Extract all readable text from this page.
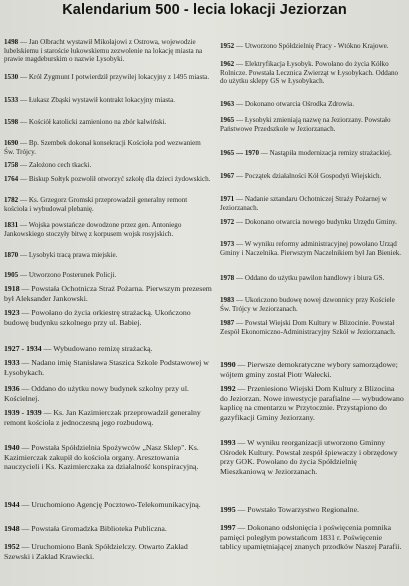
Kalendarium 500 - lecia lokacji Jeziorzan
1498 — Jan Olbracht wystawił Mikołajowi z Ostrowa, wojewodzie lubelskiemu i staroście łukowskiemu zezwolenie na lokację miasta na prawie magdeburskim o nazwie Lysobyki.
1530 — Król Zygmunt I potwierdził przywilej lokacyjny z 1495 miasta.
1533 — Łukasz Zbąski wystawił kontrakt lokacyjny miasta.
1598 — Kościół katolicki zamieniono na zbór kalwiński.
1690 — Bp. Szembek dokonał konsekracji Kościoła pod wezwaniem Św. Trójcy.
1758 — Założono cech tkacki.
1764 — Biskup Sołtyk pozwolił otworzyć szkołę dla dzieci żydowskich.
1782 — Ks. Grzegorz Gromski przeprowadził generalny remont kościoła i wybudował plebanię.
1831 — Wojska powstańcze dowodzone przez gen. Antoniego Jankowskiego stoczyły bitwę z korpusem wojsk rosyjskich.
1870 — Lysobyki tracą prawa miejskie.
1905 — Utworzono Posterunek Policji.
1918 — Powstała Ochotnicza Straż Pożarna. Pierwszym prezesem był Aleksander Jankowski.
1923 — Powołano do życia orkiestrę strażacką. Ukończono budowę budynku szkolnego przy ul. Babiej.
1927 - 1934 — Wybudowano remizę strażacką.
1933 — Nadano imię Stanisława Staszica Szkole Podstawowej w Łysobykach.
1936 — Oddano do użytku nowy budynek szkolny przy ul. Kościelnej.
1939 - 1939 — Ks. Jan Kazimierczak przeprowadził generalny remont kościoła z jednoczesną jego rozbudową.
1940 — Powstała Spółdzielnia Spożywców „Nasz Sklep". Ks. Kazimierczak zakupił do kościoła organy. Aresztowania nauczycieli i Ks. Kazimierczaka za działalność konspiracyjną.
1944 — Uruchomiono Agencję Pocztowo-Telekomunikacyjną.
1948 — Powstała Gromadzka Biblioteka Publiczna.
1952 — Uruchomiono Bank Spółdzielczy. Otwarto Zakład Szewski i Zakład Krawiecki.
1952 — Utworzono Spółdzielnię Pracy - Wtókno Krajowe.
1962 — Elektryfikacja Łysobyk. Powołano do życia Kółko Rolnicze. Powstała Lecznica Zwierząt w Łysobykach. Oddano do użytku sklepy GS w Łysobykach.
1963 — Dokonano otwarcia Ośrodka Zdrowia.
1965 — Łysobyki zmieniają nazwę na Jeziorzany. Powstało Państwowe Przedszkole w Jeziorzanach.
1965 — 1970 — Nastąpiła modernizacja remizy strażackiej.
1967 — Początek działalności Kół Gospodyń Wiejskich.
1971 — Nadanie sztandaru Ochotniczej Straży Pożarnej w Jeziorzanach.
1972 — Dokonano otwarcia nowego budynku Urzędu Gminy.
1973 — W wyniku reformy administracyjnej powołano Urząd Gminy i Naczelnika. Pierwszym Naczelnikiem był Jan Bieniek.
1978 — Oddano do użytku pawilon handlowy i biura GS.
1983 — Ukończono budowę nowej dzwonnicy przy Kościele Św. Trójcy w Jeziorzanach.
1987 — Powstał Wiejski Dom Kultury w Blizocinie. Powstał Zespół Ekonomiczno-Administracyjny Szkół w Jeziorzanach.
1990 — Pierwsze demokratyczne wybory samorządowe; wójtem gminy został Piotr Wałecki.
1992 — Przeniesiono Wiejski Dom Kultury z Blizocina do Jeziorzan. Nowe inwestycje parafialne — wybudowano kaplicę na cmentarzu w Przytocznie. Przystąpiono do gazyfikacji Gminy Jeziorzany.
1993 — W wyniku reorganizacji utworzono Gminny Ośrodek Kultury. Powstał zespół śpiewaczy i obrzędowy przy GOK. Powołano do życia Spółdzielnię Mieszkaniową w Jeziorzanach.
1995 — Powstało Towarzystwo Regionalne.
1997 — Dokonano odsłonięcia i poświęcenia pomnika pamięci poległym powstańcom 1831 r. Poświęcenie tablicy upamiętniającej znanych przodków Naszej Parafii.
